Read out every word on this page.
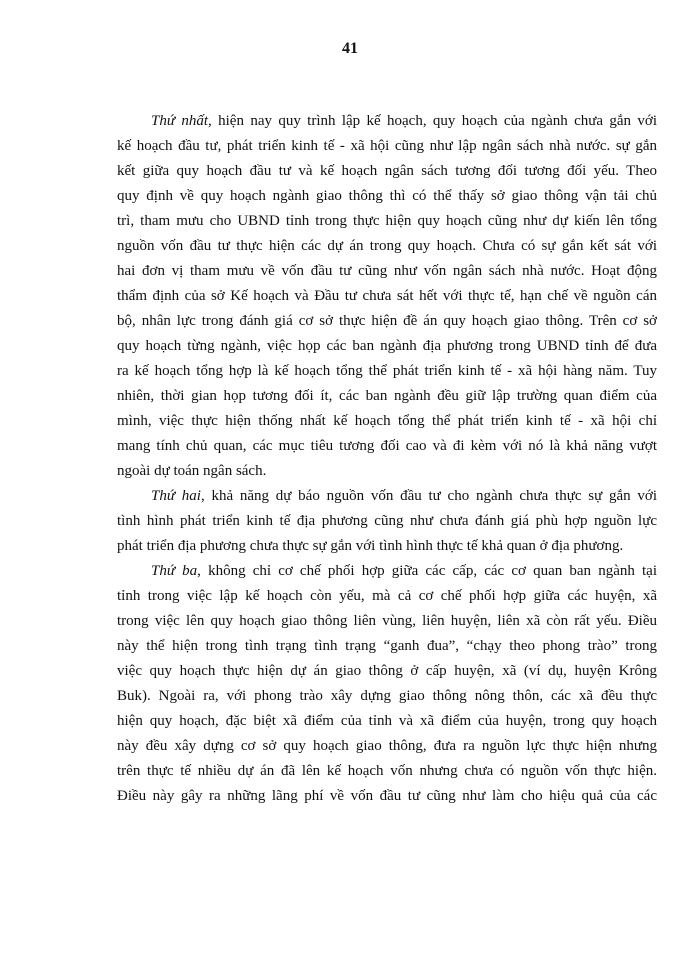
41
Thứ nhất, hiện nay quy trình lập kế hoạch, quy hoạch của ngành chưa gắn với
kế hoạch đầu tư, phát triển kinh tế - xã hội cũng như lập ngân sách nhà nước. sự gắn
kết giữa quy hoạch đầu tư và kế hoạch ngân sách tương đối tương đối yếu. Theo
quy định về quy hoạch ngành giao thông thì có thể thấy sở giao thông vận tải chủ
trì, tham mưu cho UBND tỉnh trong thực hiện quy hoạch cũng như dự kiến lên tổng
nguồn vốn đầu tư thực hiện các dự án trong quy hoạch. Chưa có sự gắn kết sát với
hai đơn vị tham mưu về vốn đầu tư cũng như vốn ngân sách nhà nước. Hoạt động
thẩm định của sở Kế hoạch và Đầu tư chưa sát hết với thực tế, hạn chế về nguồn cán
bộ, nhân lực trong đánh giá cơ sở thực hiện đề án quy hoạch giao thông. Trên cơ sở
quy hoạch từng ngành, việc họp các ban ngành địa phương trong UBND tỉnh để đưa
ra kế hoạch tổng hợp là kế hoạch tổng thể phát triển kinh tế - xã hội hàng năm. Tuy
nhiên, thời gian họp tương đối ít, các ban ngành đều giữ lập trường quan điểm của
mình, việc thực hiện thống nhất kế hoạch tổng thể phát triển kinh tế - xã hội chỉ
mang tính chủ quan, các mục tiêu tương đối cao và đi kèm với nó là khả năng vượt
ngoài dự toán ngân sách.
Thứ hai, khả năng dự báo nguồn vốn đầu tư cho ngành chưa thực sự gắn với
tình hình phát triển kinh tế địa phương cũng như chưa đánh giá phù hợp nguồn lực
phát triển địa phương chưa thực sự gắn với tình hình thực tế khả quan ở địa phương.
Thứ ba, không chỉ cơ chế phối hợp giữa các cấp, các cơ quan ban ngành tại
tỉnh trong việc lập kế hoạch còn yếu, mà cả cơ chế phối hợp giữa các huyện, xã
trong việc lên quy hoạch giao thông liên vùng, liên huyện, liên xã còn rất yếu. Điều
này thể hiện trong tình trạng tình trạng “ganh đua”, “chạy theo phong trào” trong
việc quy hoạch thực hiện dự án giao thông ở cấp huyện, xã (ví dụ, huyện Krông
Buk). Ngoài ra, với phong trào xây dựng giao thông nông thôn, các xã đều thực
hiện quy hoạch, đặc biệt xã điểm của tỉnh và xã điểm của huyện, trong quy hoạch
này đều xây dựng cơ sở quy hoạch giao thông, đưa ra nguồn lực thực hiện nhưng
trên thực tế nhiều dự án đã lên kế hoạch vốn nhưng chưa có nguồn vốn thực hiện.
Điều này gây ra những lãng phí về vốn đầu tư cũng như làm cho hiệu quả của các
